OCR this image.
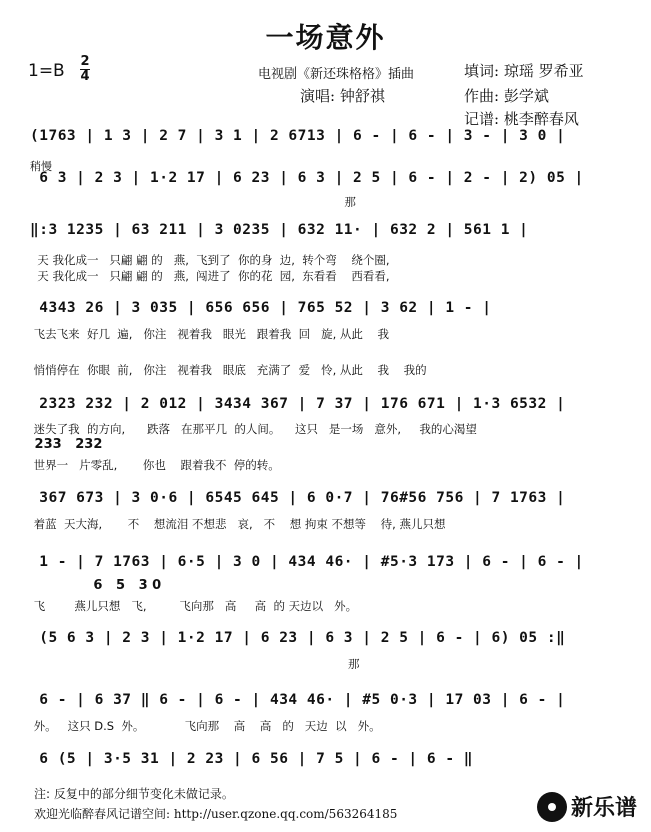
一场意外
1=B 2
4	电视剧《新还珠格格》插曲	填词: 琼瑶 罗希亚
演唱: 钟舒祺	作曲: 彭学斌
记谱: 桃李醉春风
(1763 | 1 3 | 2 7 | 3 1 | 2 6713 | 6 - | 6 - | 3 - | 3 0 |
稍慢
6 3 | 2 3 | 1·2 17 | 6 23 | 6 3 | 2 5 | 6 - | 2 - | 2) 05 |
那
‖:3 1235 | 63 211 | 3 0235 | 632 11· | 632 2 | 561 1 |
天 我化成一   只翩 翩 的   燕,  飞到了  你的身  边,  转个弯    绕个圈,
天 我化成一   只翩 翩 的   燕,  闯进了  你的花  园,  东看看    西看看,
4343 26 | 3 035 | 656 656 | 765 52 | 3 62 | 1 - |
飞去飞来  好几  遍,   你注   视着我   眼光   跟着我  回   旋, 从此    我
悄悄停在  你眼  前,   你注   视着我   眼底   充满了  爱   怜, 从此    我    我的
2323 232 | 2 012 | 3434 367 | 7 37 | 176 671 | 1·3 6532 |
迷失了我  的方向,      跌落   在那平几  的人间。    这只   是一场   意外,     我的心渴望
233   232
世界一   片零乱,       你也    跟着我不  停的转。
367 673 | 3 0·6 | 6545 645 | 6 0·7 | 76#56 756 | 7 1763 |
着蓝  天大海,       不    想流泪 不想悲   哀,   不    想 拘束 不想等    待, 燕儿只想
1 - | 7 1763 | 6·5 | 3 0 | 434 46· | #5·3 173 | 6 - | 6 - |
6   5   3 0
飞        燕儿只想   飞,         飞向那   高     高  的 天边以   外。
(5 6 3 | 2 3 | 1·2 17 | 6 23 | 6 3 | 2 5 | 6 - | 6) 05 :‖
那
6 - | 6 37 ‖ 6 - | 6 - | 434 46· | #5 0·3 | 17 03 | 6 - |
外。   这只 D.S  外。           飞向那    高    高   的   天边  以   外。
6 (5 | 3·5 31 | 2 23 | 6 56 | 7 5 | 6 - | 6 - ‖
注: 反复中的部分细节变化未做记录。
欢迎光临醉春风记谱空间: http://user.qzone.qq.com/563264185	新乐谱
